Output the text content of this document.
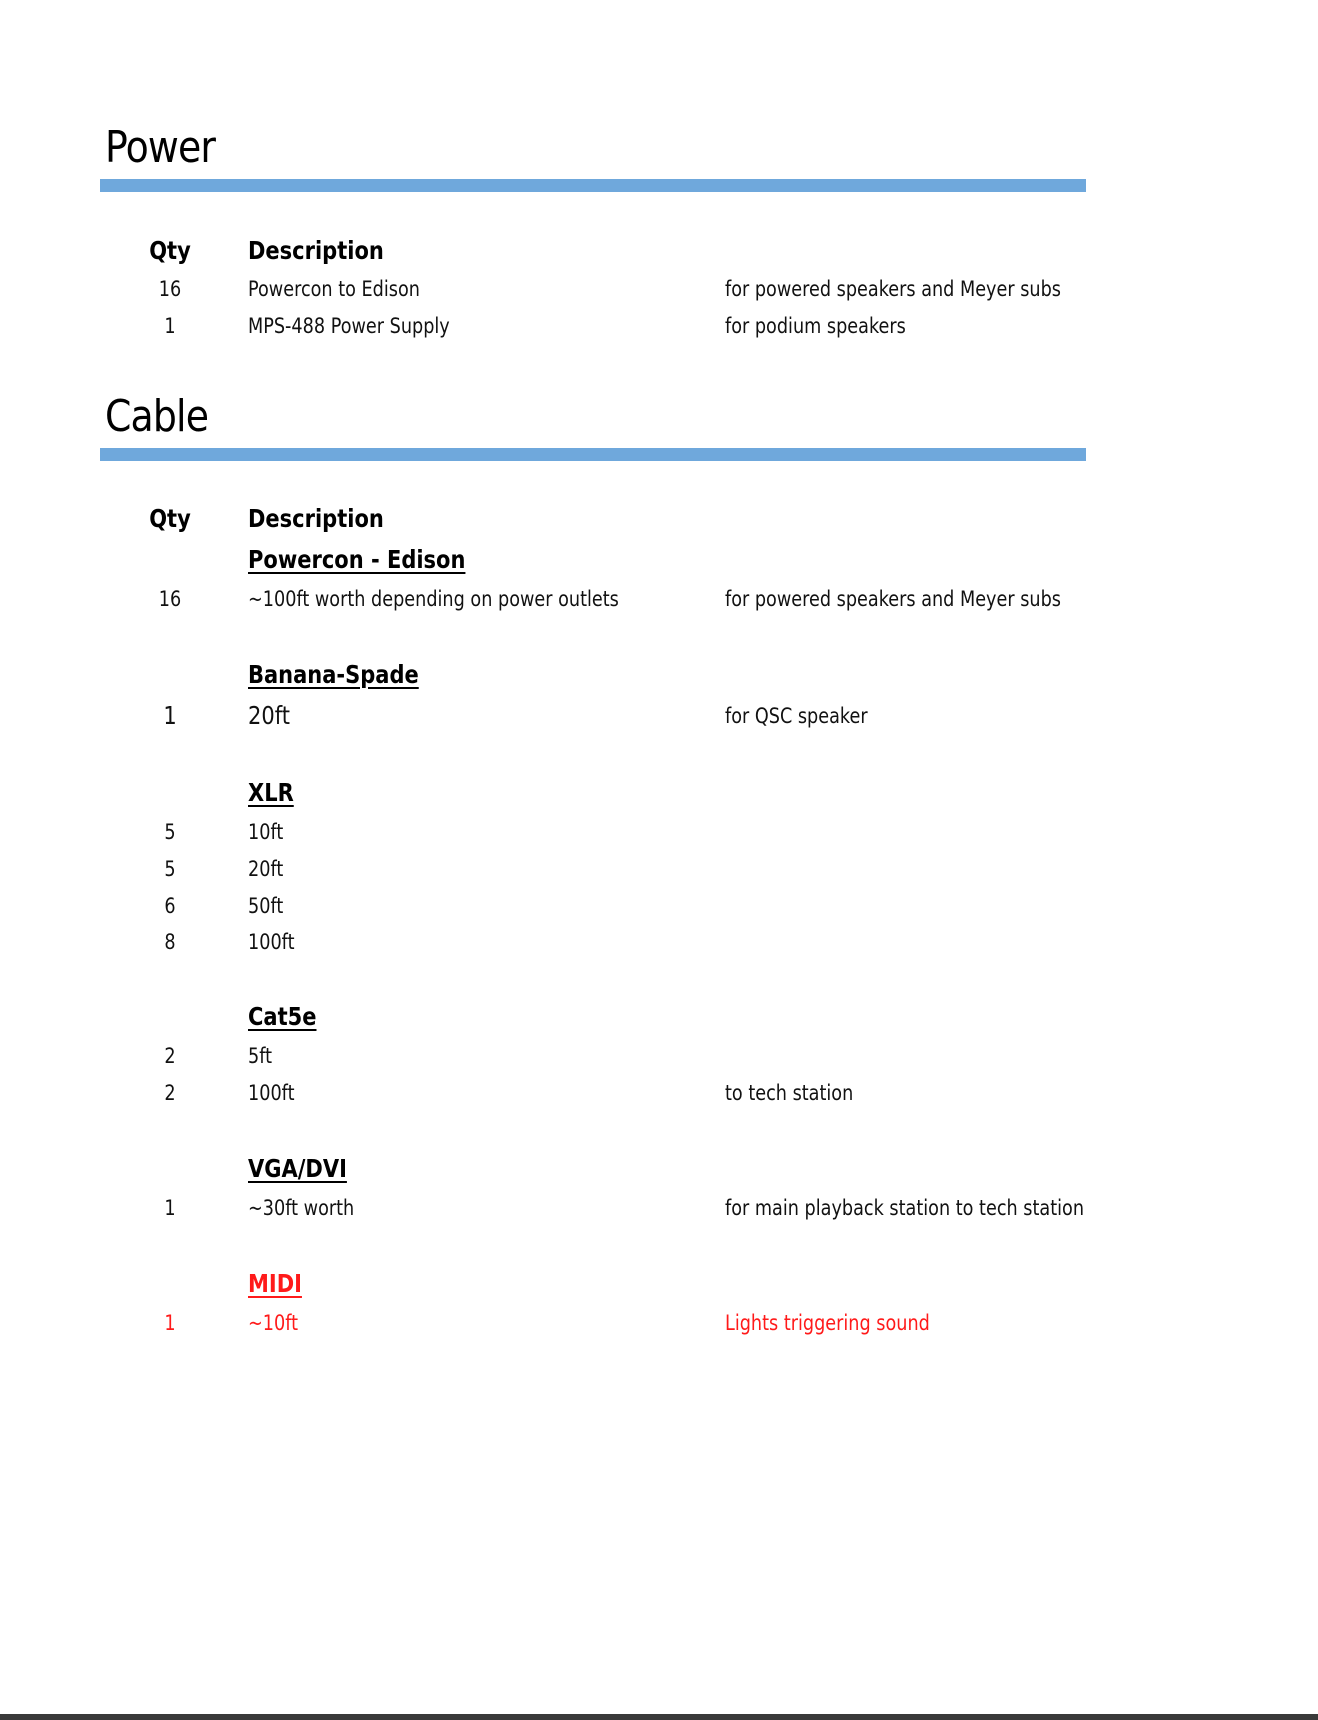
Power
Qty	Description
16	Powercon to Edison	for powered speakers and Meyer subs
1	MPS-488 Power Supply	for podium speakers
Cable
Qty	Description
Powercon - Edison
16	~100ft worth depending on power outlets	for powered speakers and Meyer subs
Banana-Spade
1	20ft	for QSC speaker
XLR
5	10ft
5	20ft
6	50ft
8	100ft
Cat5e
2	5ft
2	100ft	to tech station
VGA/DVI
1	~30ft worth	for main playback station to tech station
MIDI
1	~10ft	Lights triggering sound
